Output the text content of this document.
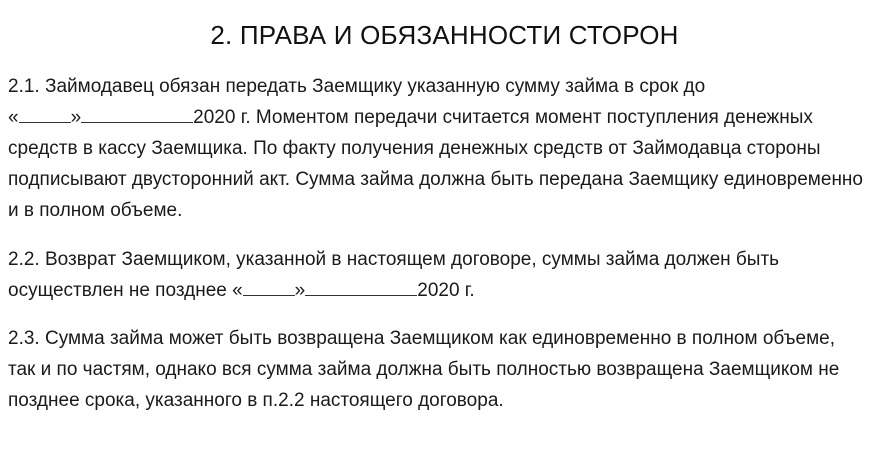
2. ПРАВА И ОБЯЗАННОСТИ СТОРОН
2.1. Займодавец обязан передать Заемщику указанную сумму займа в срок до
«	»	2020 г. Моментом передачи считается момент поступления денежных
средств в кассу Заемщика. По факту получения денежных средств от Займодавца стороны
подписывают двусторонний акт. Сумма займа должна быть передана Заемщику единовременно
и в полном объеме.
2.2. Возврат Заемщиком, указанной в настоящем договоре, суммы займа должен быть
осуществлен не позднее «	»	2020 г.
2.3. Сумма займа может быть возвращена Заемщиком как единовременно в полном объеме,
так и по частям, однако вся сумма займа должна быть полностью возвращена Заемщиком не
позднее срока, указанного в п.2.2 настоящего договора.
